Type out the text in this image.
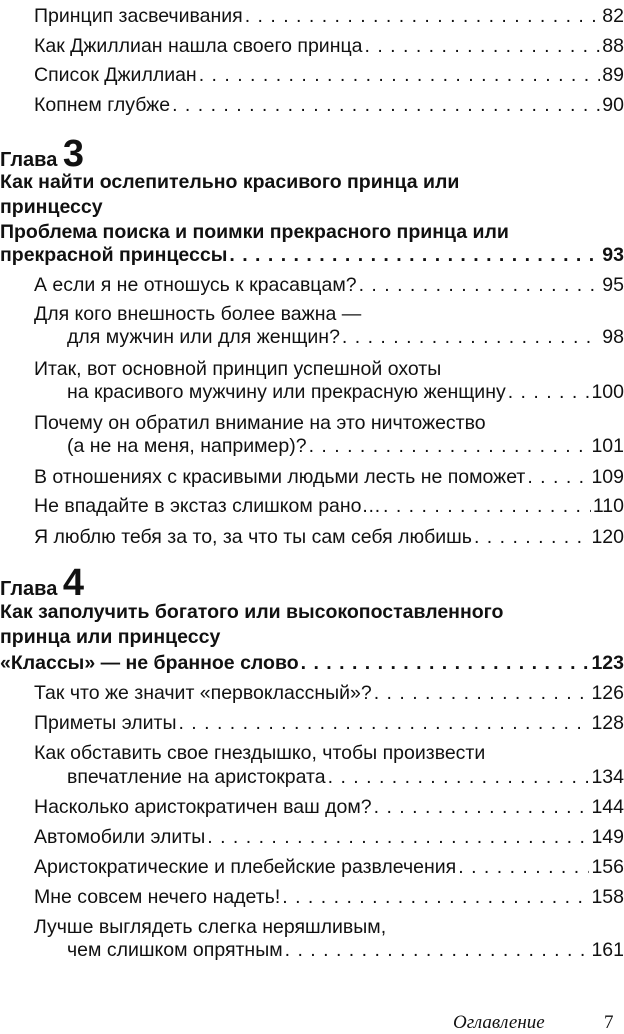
Принцип засвечивания . . .	82
Как Джиллиан нашла своего принца . . .	88
Список Джиллиан . . .	89
Копнем глубже . . .	90
Глава 3
Как найти ослепительно красивого принца или
принцессу
Проблема поиска и поимки прекрасного принца или
прекрасной принцессы . . .	93
А если я не отношусь к красавцам? . . .	95
Для кого внешность более важна —
для мужчин или для женщин? . . .	98
Итак, вот основной принцип успешной охоты
на красивого мужчину или прекрасную женщину . . .	100
Почему он обратил внимание на это ничтожество
(а не на меня, например)? . . .	101
В отношениях с красивыми людьми лесть не поможет . . .	109
Не впадайте в экстаз слишком рано… . . .	110
Я люблю тебя за то, за что ты сам себя любишь . . .	120
Глава 4
Как заполучить богатого или высокопоставленного
принца или принцессу
«Классы» — не бранное слово . . .	123
Так что же значит «первоклассный»? . . .	126
Приметы элиты . . .	128
Как обставить свое гнездышко, чтобы произвести
впечатление на аристократа . . .	134
Насколько аристократичен ваш дом? . . .	144
Автомобили элиты . . .	149
Аристократические и плебейские развлечения . . .	156
Мне совсем нечего надеть! . . .	158
Лучше выглядеть слегка неряшливым,
чем слишком опрятным . . .	161
Оглавление	7
